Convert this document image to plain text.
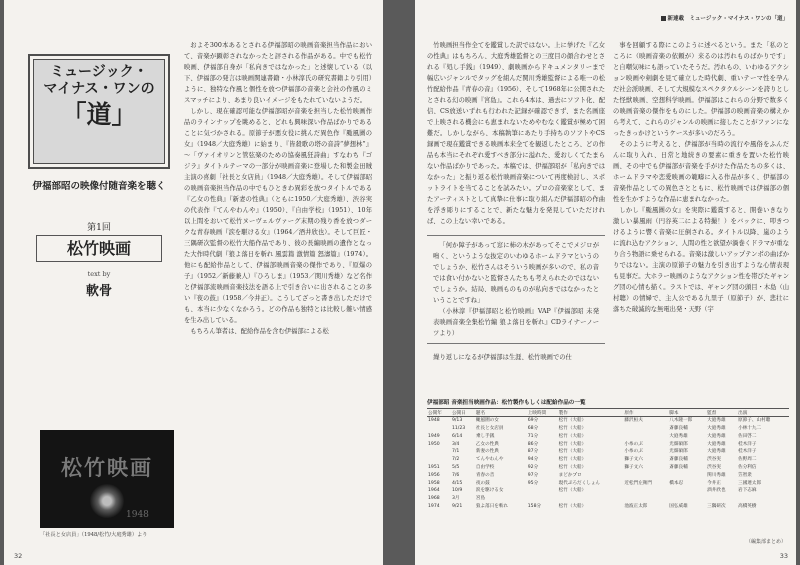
ミュージック・
マイナス・ワンの
「道」
伊福部昭の映像付随音楽を聴く
第1回
松竹映画
text by
軟骨

およそ300本あるとされる伊福部昭の映画音楽担当作品において、音楽が顕彰されなかったと評される作品がある。中でも松竹映画、伊福部自身が「私向きではなかった」と述懐している（以下、伊福部の発言は映画関連書籍・小林淳氏の研究書籍より引用）ように、独特な作風と個性を放つ伊福部の音楽と会社の作風のミスマッチにより、あまり良いイメージをもたれていないようだ。

しかし、現在確認可能な伊福部昭が音楽を担当した松竹映画作品のラインナップを眺めると、どれも興味深い作品ばかりであることに気づかされる。原節子が悪女役に挑んだ異色作『颱風圏の女』（1948／大庭秀雄）に始まり、『皆殺歌の塔の音詩“夢想林”』～「ヴァイオリンと管弦楽のための協奏風狂詩曲」すなわち『ゴジラ』タイトルテーマの一部分が映画音楽に登場した和製金田賊主演の喜劇「社長と女店員」（1948／大庭秀雄）。そして伊福部昭の映画音楽担当作品の中でもひときわ異彩を放つタイトルである『乙女の性典』『新妻の性典』（ともに1950／大庭秀雄）、渋谷実の代表作『てんやわんや』（1950）、『自由学校』（1951）、10年以上間をおいて松竹ヌーヴェルヴァーグ末期の残り香を放つダークな青春映画『涙を駆ける女』（1964／酒井欣也）。そして巨匠・三隅研次監督の松竹大船作品であり、彼の長編映画の遺作となった大作時代劇『狼よ落日を斬れ 風雲篇 激情篇 怒濤篇』（1974）。他にも配給作品として、伊福部映画音楽の傑作であり、『原爆の子』（1952／新藤兼人）『ひろしま』（1953／関川秀雄）など名作と伊福部流映画音楽技法を語る上で引き合いに出されることの多い『夜の鼓』（1958／今井正）。こうしてざっと書き出しただけでも、本当に少なくなかろう。どの作品も独特とは比較し難い情感を生み出している。

もちろん筆者は、配給作品を含む伊福部による松

松竹映画
1948
「社長と女店員」（1948/松竹/大庭秀雄）より
32
新連載　ミュージック・マイナス・ワンの「道」

竹映画担当作全てを鑑賞した訳ではない。上に挙げた『乙女の性典』はもちろん、大庭秀雄監督との三度目の顔合わせとされる『処し手銭』（1949）、劇映画からドキュメンタリーまで幅広いジャンルでタッグを組んだ関川秀雄監督による唯一の松竹配給作品『青春の音』（1956）、そして1968年に公開されたとされる幻の映画『宮島』。これら4本は、過去にソフト化、配信、CS放送いずれも行われた記録が確認できず、また名画座で上映される機会にも恵まれないためやむなく鑑賞が極めて困難だ。しかしながら、本稿執筆にあたり手持ちのソフトやCS録画で現在鑑賞できる映画本来全てを観返したところ、どの作品も本当にそれぞれ愛すべき部分に溢れた、愛おしくてたまらない作品ばかりであった。本稿では、伊福部昭が「私向きではなかった」と振り返る松竹映画音楽について再度検討し、スポットライトを当てることを試みたい。プロの音楽家として、またアーティストとして真摯に仕事に取り組んだ伊福部昭の作曲を浮き彫りにすることで、新たな魅力を発見していただければ、この上ない幸いである。

「何か障子があって窓に柿の木があってそこでメジロが鳴く、というような抜定のいわゆるホームドラマというのでしょうか、松竹さんはそういう映画が多いので、私の音では食い付かないと監督さんたちも考えられたのではないでしょうか。結局、映画ものものが私向きではなかったということですね」

（小林淳『伊福部昭と松竹映画』VAP『伊福部昭 未発表映画音楽全集松竹編 狼よ落日を斬れ』CDライナーノーツより）

繰り返しになるが伊福部は生涯、松竹映画での仕

事を回顧する際にこのように述べるという。また「私のところに（映画音楽の依頼が）来るのは汚れものばかりです」と自嘲気味にも語っていたそうだ。汚れもの、いわゆるアクション映画や剣劇を見て確立した時代劇、重いテーマ性を孕んだ社会派映画、そして大規模なスペクタクルシーンを誇りとした怪獣映画、空想科学映画。伊福部はこれらの分野で数多くの映画音楽の傑作をものにした。伊福部の映画音楽の構えから考えて、これらのジャンルの映画に接したことがファンになったきっかけというケースが多いのだろう。

そのように考えると、伊福部が当時の流行や風俗をふんだんに取り入れ、日常と地続きの要素に重きを置いた松竹映画、その中でも伊福部が音楽を手がけた作品たちの多くは、ホームドラマや恋愛映画の範疇に入る作品が多く、伊福部の音楽作品としての異色さとともに、松竹映画では伊福部の個性を生かすような作品に恵まれなかった。

しかし『颱風圏の女』を実際に鑑賞すると、開巻いきなり激しい暴風雨（円谷英二による特撮！）をバックに、叩きつけるように響く音楽に圧倒される。タイトル以降、嵐のように流れ込むアクション、人間の性と欲望が渦巻くドラマが重なり合う物語に乗せられる。音楽は激しいアップテンポの曲ばかりではない。主演の原節子の魅力を引き出すような心情表現も見事だ。大ホラー映画のようなアクション性を帯びたギャング団の心情も描く。ラストでは、ギャング団の頭目・木島（山村聰）の情婦で、主人公である九里子（原節子）が、悲壮に落ちた破滅的な無電出発・天野（宇

伊福部昭 音楽担当映画作品：松竹製作もしくは配給作品の一覧
公開年	公開日	題名	上映時間	製作	原作	脚本	監督	出演
1948	9/13	颱風圏の女	69分	松竹（大船）	藤沢桓夫	八木隆一郎	大庭秀雄	原節子、山村聰
	11/23	社長と女店員	68分	松竹（大船）		斎藤良輔	大庭秀雄	小林十九二
1949	6/14	乗し手銭	71分	松竹（大船）		大庭秀雄	大庭秀雄	佐田啓二
1950	3/4	乙女の性典	86分	松竹（大船）	小糸のぶ	光畑碩郎	大庭秀雄	桂木洋子
	7/1	新妻の性典	87分	松竹（大船）	小糸のぶ	光畑碩郎	大庭秀雄	桂木洋子
	7/2	てんやわんや	94分	松竹（大船）	獅子文六	斎藤良輔	渋谷実	佐野周二
1951	5/5	自由学校	92分	松竹（大船）	獅子文六	斎藤良輔	渋谷実	佐分利信
1956	7/6	青春の音	97分	まどかプロ			関川秀雄	笠智衆
1958	4/15	夜の鼓	95分	現代ぷろだくしょん	近松門左衛門	橋本忍	今井正	三國連太郎
1964	10/9	涙を駆ける女		松竹（大船）			酒井欣也	岩下志麻
1968	3月	宮島						
1974	9/21	狼よ落日を斬れ	158分	松竹（大船）	池波正太郎	国弘威雄	三隅研次	高橋英樹
（編集部まとめ）
33
